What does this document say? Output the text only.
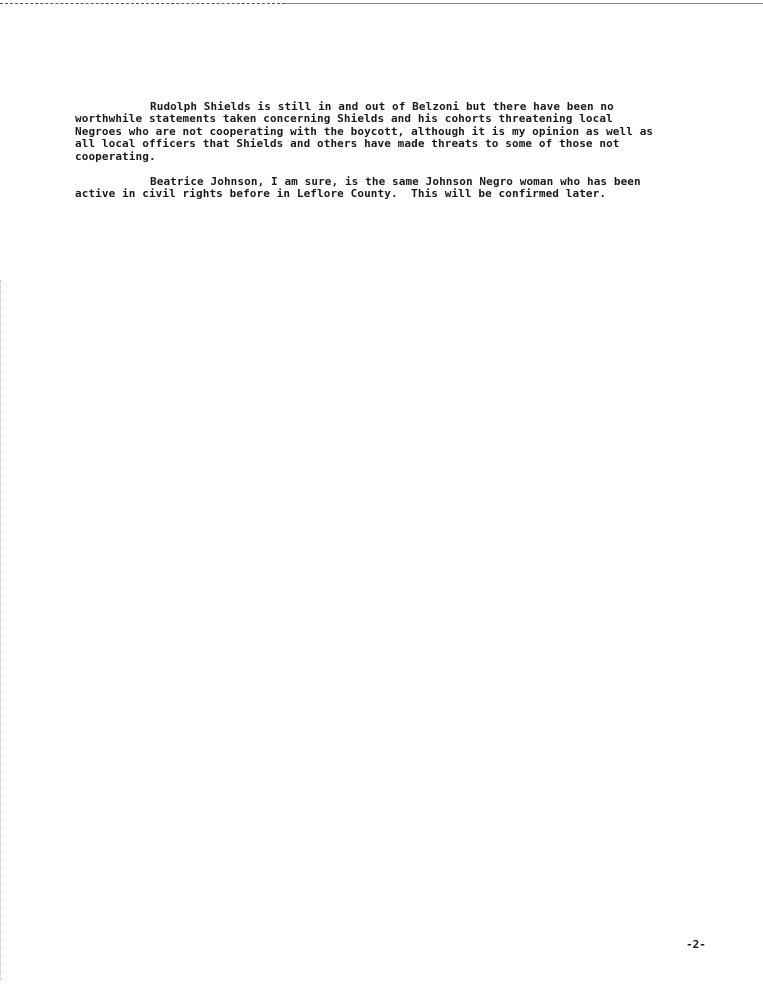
Rudolph Shields is still in and out of Belzoni but there have been no
worthwhile statements taken concerning Shields and his cohorts threatening local
Negroes who are not cooperating with the boycott, although it is my opinion as well as
all local officers that Shields and others have made threats to some of those not
cooperating.

Beatrice Johnson, I am sure, is the same Johnson Negro woman who has been
active in civil rights before in Leflore County.  This will be confirmed later.

-2-
